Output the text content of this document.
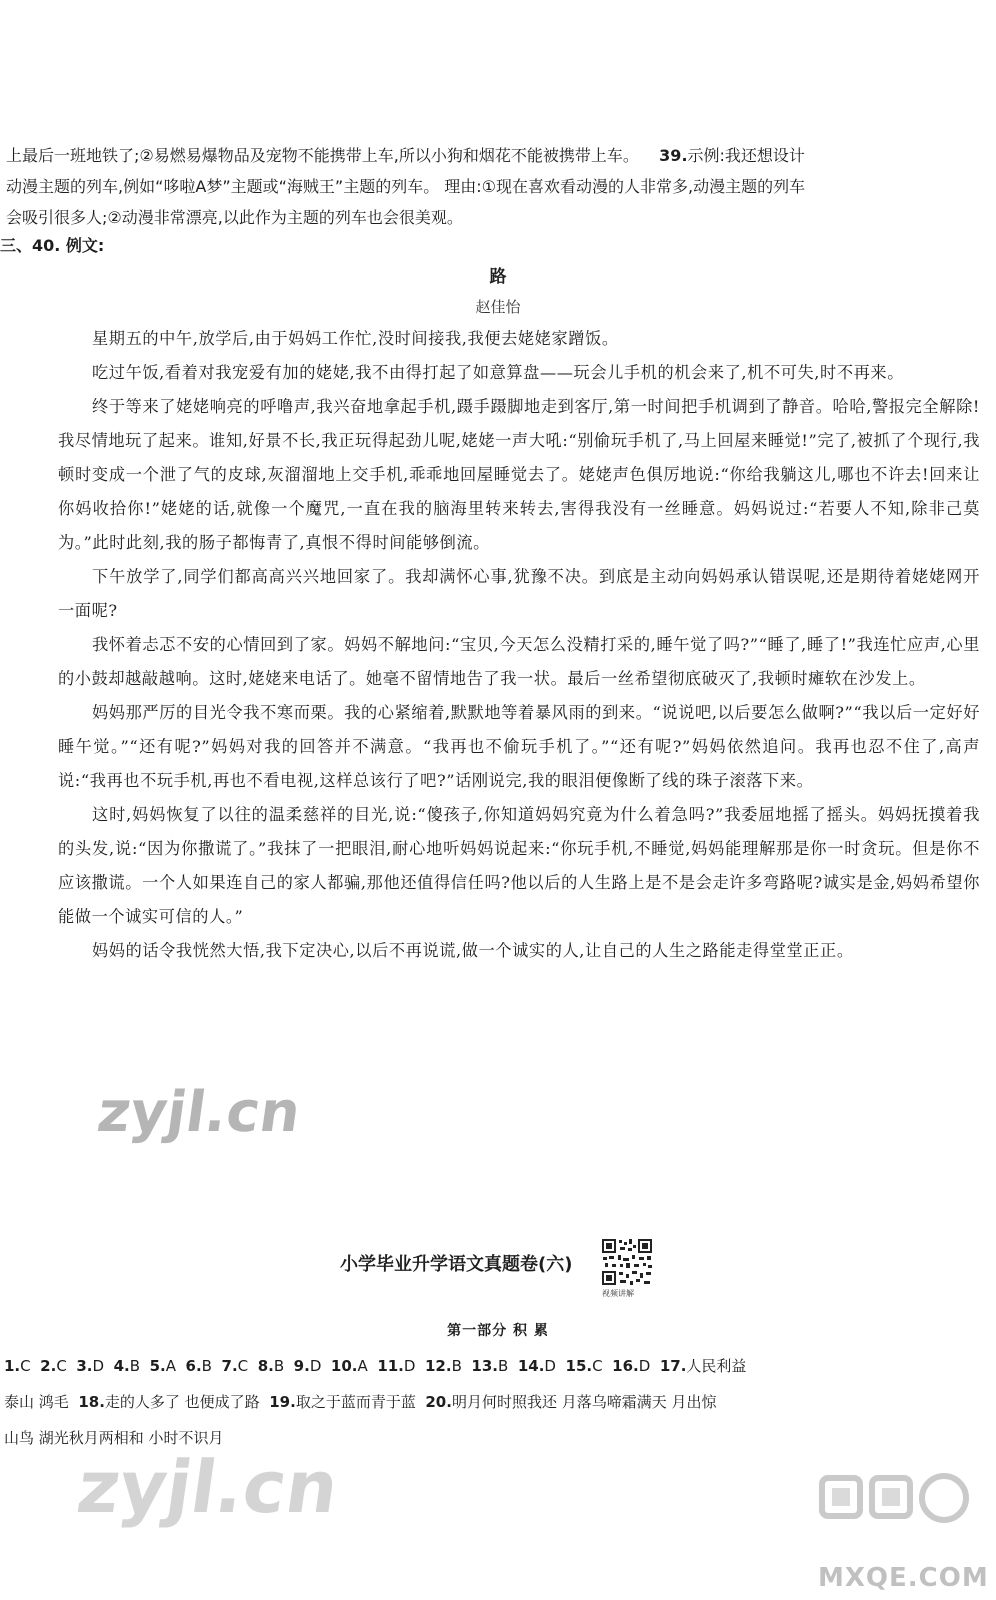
上最后一班地铁了;②易燃易爆物品及宠物不能携带上车,所以小狗和烟花不能被携带上车。 39.示例:我还想设计

动漫主题的列车,例如“哆啦A梦”主题或“海贼王”主题的列车。 理由:①现在喜欢看动漫的人非常多,动漫主题的列车

会吸引很多人;②动漫非常漂亮,以此作为主题的列车也会很美观。

三、40. 例文:
路
赵佳怡

星期五的中午,放学后,由于妈妈工作忙,没时间接我,我便去姥姥家蹭饭。

吃过午饭,看着对我宠爱有加的姥姥,我不由得打起了如意算盘——玩会儿手机的机会来了,机不可失,时不再来。

终于等来了姥姥响亮的呼噜声,我兴奋地拿起手机,蹑手蹑脚地走到客厅,第一时间把手机调到了静音。哈哈,警报完全解除!我尽情地玩了起来。谁知,好景不长,我正玩得起劲儿呢,姥姥一声大吼:“别偷玩手机了,马上回屋来睡觉!”完了,被抓了个现行,我顿时变成一个泄了气的皮球,灰溜溜地上交手机,乖乖地回屋睡觉去了。姥姥声色俱厉地说:“你给我躺这儿,哪也不许去!回来让你妈收拾你!”姥姥的话,就像一个魔咒,一直在我的脑海里转来转去,害得我没有一丝睡意。妈妈说过:“若要人不知,除非己莫为。”此时此刻,我的肠子都悔青了,真恨不得时间能够倒流。

下午放学了,同学们都高高兴兴地回家了。我却满怀心事,犹豫不决。到底是主动向妈妈承认错误呢,还是期待着姥姥网开一面呢?

我怀着忐忑不安的心情回到了家。妈妈不解地问:“宝贝,今天怎么没精打采的,睡午觉了吗?”“睡了,睡了!”我连忙应声,心里的小鼓却越敲越响。这时,姥姥来电话了。她毫不留情地告了我一状。最后一丝希望彻底破灭了,我顿时瘫软在沙发上。

妈妈那严厉的目光令我不寒而栗。我的心紧缩着,默默地等着暴风雨的到来。“说说吧,以后要怎么做啊?”“我以后一定好好睡午觉。”“还有呢?”妈妈对我的回答并不满意。“我再也不偷玩手机了。”“还有呢?”妈妈依然追问。我再也忍不住了,高声说:“我再也不玩手机,再也不看电视,这样总该行了吧?”话刚说完,我的眼泪便像断了线的珠子滚落下来。

这时,妈妈恢复了以往的温柔慈祥的目光,说:“傻孩子,你知道妈妈究竟为什么着急吗?”我委屈地摇了摇头。妈妈抚摸着我的头发,说:“因为你撒谎了。”我抹了一把眼泪,耐心地听妈妈说起来:“你玩手机,不睡觉,妈妈能理解那是你一时贪玩。但是你不应该撒谎。一个人如果连自己的家人都骗,那他还值得信任吗?他以后的人生路上是不是会走许多弯路呢?诚实是金,妈妈希望你能做一个诚实可信的人。”

妈妈的话令我恍然大悟,我下定决心,以后不再说谎,做一个诚实的人,让自己的人生之路能走得堂堂正正。

小学毕业升学语文真题卷(六)
视频讲解
第一部分 积 累
1.C 2.C 3.D 4.B 5.A 6.B 7.C 8.B 9.D 10.A 11.D 12.B 13.B 14.D 15.C 16.D 17.人民利益
泰山 鸿毛 18.走的人多了 也便成了路 19.取之于蓝而青于蓝 20.明月何时照我还 月落乌啼霜满天 月出惊
山鸟 湖光秋月两相和 小时不识月
zyjl.cn
zyjl.cn
MXQE.COM
